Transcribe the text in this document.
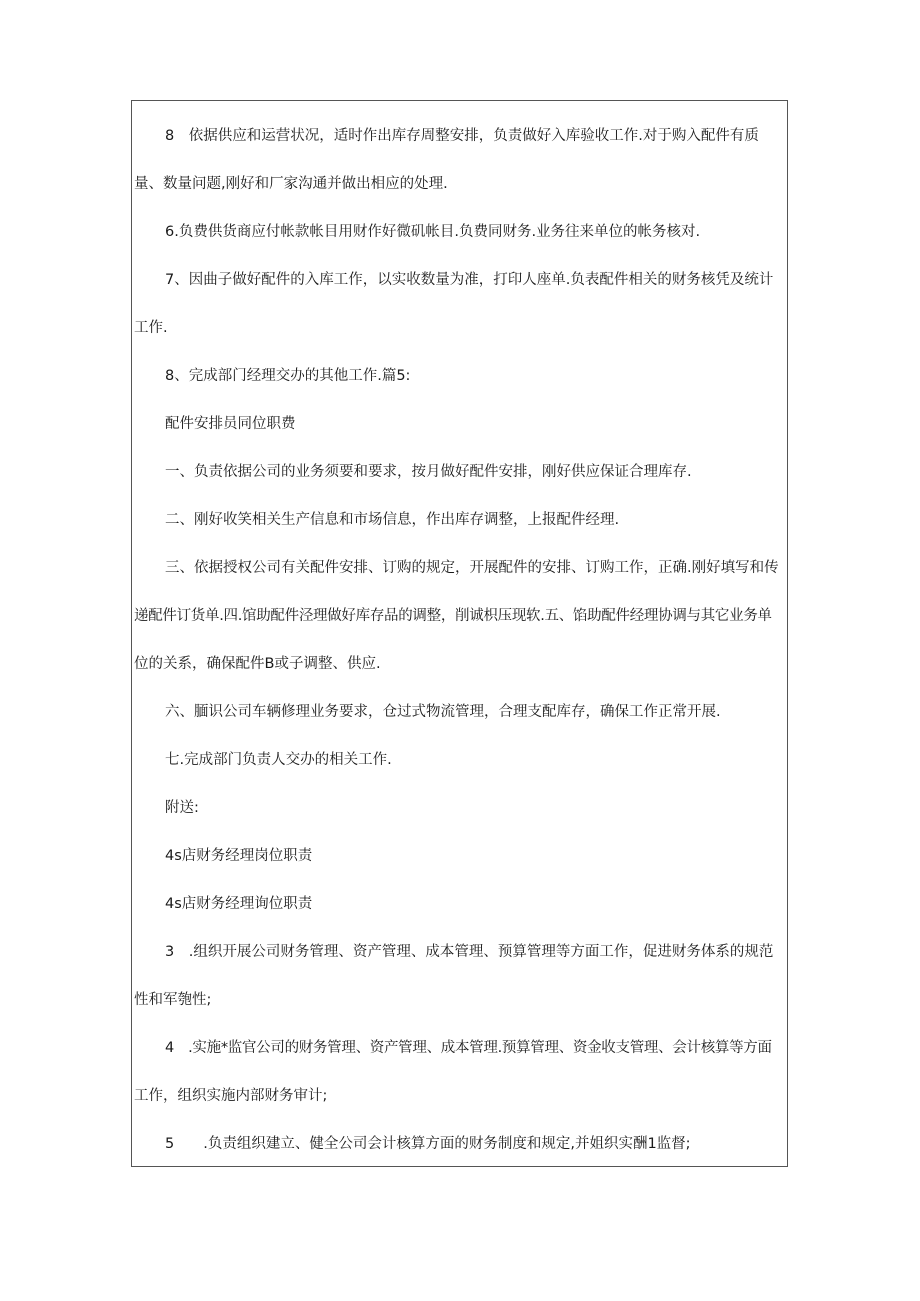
8　依据供应和运营状况，适时作出库存周整安排，负责做好入库验收工作.对于购入配件有质
量、数量问题,刚好和厂家沟通并做出相应的处理.
6.负费供货商应付帐款帐目用财作好微矶帐目.负费同财务.业务往来单位的帐务核对.
7、因曲子做好配件的入库工作，以实收数量为准，打印人座单.负表配件相关的财务核凭及统计
工作.
8、完成部门经理交办的其他工作.篇5:
配件安排员同位职费
一、负责依据公司的业务须要和要求，按月做好配件安排，刚好供应保证合理库存.
二、刚好收笑相关生产信息和市场信息，作出库存调整，上报配件经理.
三、依据授权公司有关配件安排、订购的规定，开展配件的安排、订购工作，正确.刚好填写和传
递配件订货单.四.馆助配件泾理做好库存品的调整，削诚枳压现软.五、馅助配件经理协调与其它业务单
位的关系，确保配件B或子调整、供应.
六、腼识公司车辆修理业务要求，仓过式物流管理，合理支配库存，确保工作正常开展.
七.完成部门负责人交办的相关工作.
附送:
4s店财务经理岗位职责
4s店财务经理询位职责
3　.组织开展公司财务管理、资产管理、成本管理、预算管理等方面工作，促进财务体系的规范
性和军匏性;
4　.实施*监官公司的财务管理、资产管理、成本管理.预算管理、资金收支管理、会计核算等方面
工作，组织实施内部财务审计;
5　　.负责组织建立、健全公司会计核算方面的财务制度和规定,并姐织实酬1监督;
